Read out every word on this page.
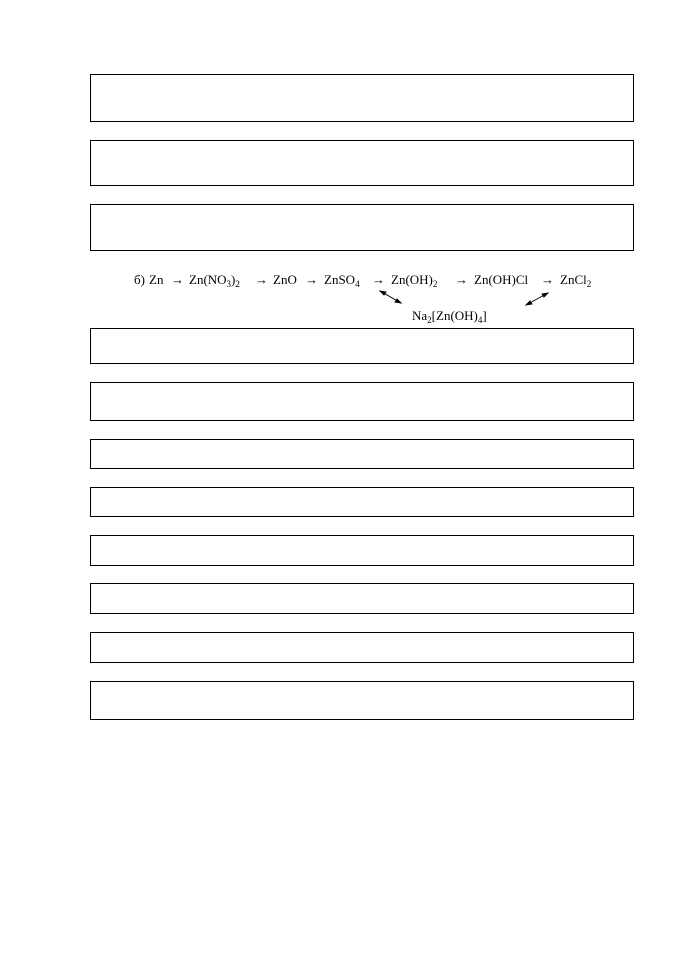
б) $Zn \to Zn(NO_3)_2$ → ZnO → ZnSO$_4$ → $Zn(OH)_2 \to Zn(OH)Cl$ → ZnCl$_2$
$Na_2[Zn(OH)_4]$
